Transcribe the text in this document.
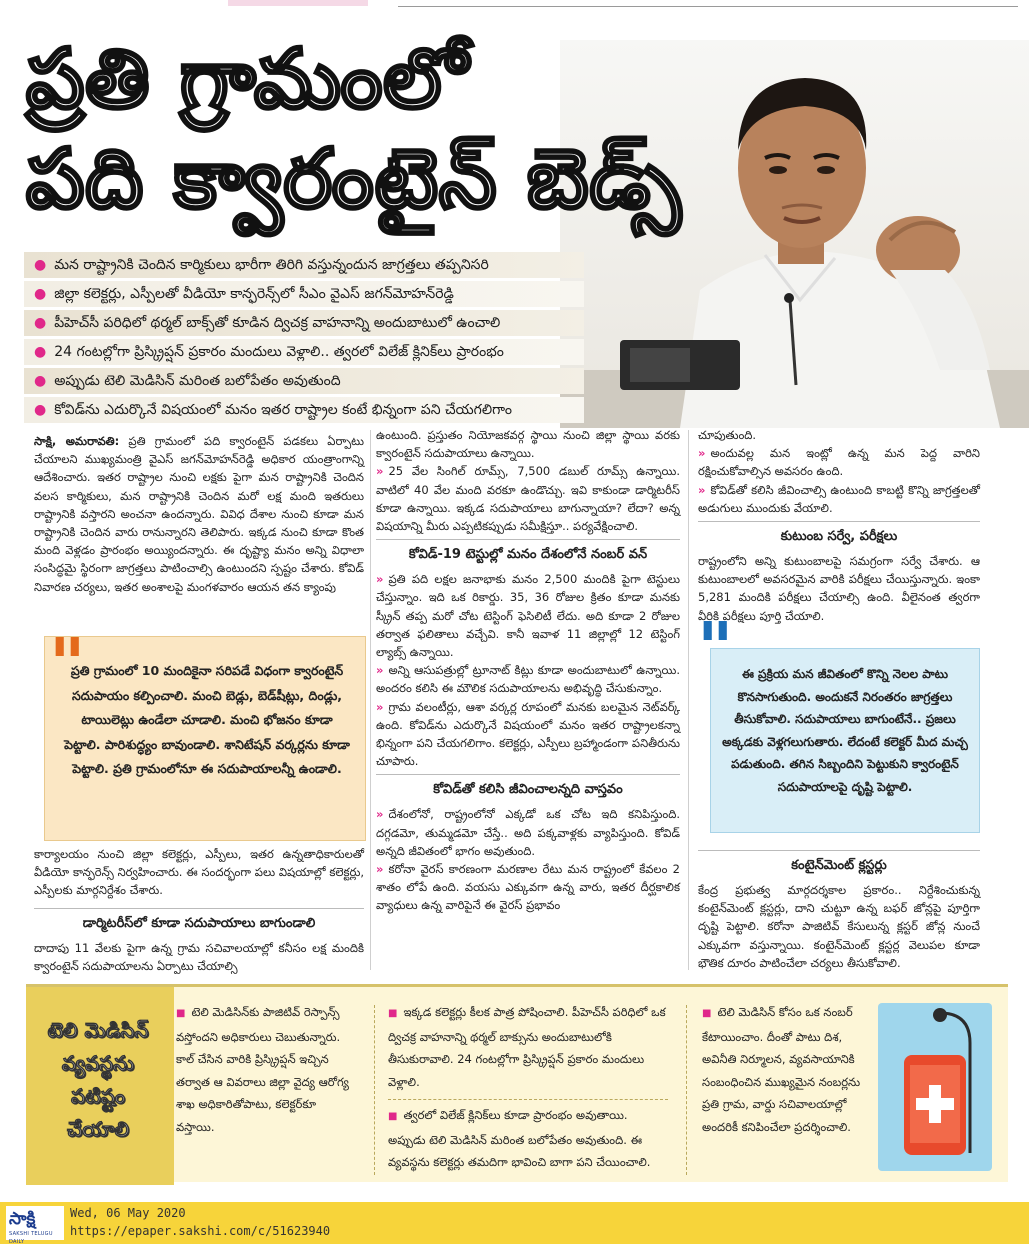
ప్రతి గ్రామంలో
పది క్వారంటైన్ బెడ్స్
● మన రాష్ట్రానికి చెందిన కార్మికులు భారీగా తిరిగి వస్తున్నందున జాగ్రత్తలు తప్పనిసరి
● జిల్లా కలెక్టర్లు, ఎస్పీలతో వీడియో కాన్ఫరెన్స్‌లో సీఎం వైఎస్ జగన్‌మోహన్‌రెడ్డి
● పీహెచ్‌సీ పరిధిలో థర్మల్ బాక్స్‌తో కూడిన ద్విచక్ర వాహనాన్ని అందుబాటులో ఉంచాలి
● 24 గంటల్లోగా ప్రిస్క్రిప్షన్ ప్రకారం మందులు వెళ్లాలి.. త్వరలో విలేజ్ క్లినిక్‌లు ప్రారంభం
● అప్పుడు టెలి మెడిసిన్ మరింత బలోపేతం అవుతుంది
● కోవిడ్‌ను ఎదుర్కొనే విషయంలో మనం ఇతర రాష్ట్రాల కంటే భిన్నంగా పని చేయగలిగాం

సాక్షి, అమరావతి: ప్రతి గ్రామంలో పది క్వారంటైన్ పడకలు ఏర్పాటు చేయాలని ముఖ్యమంత్రి వైఎస్ జగన్‌మోహన్‌రెడ్డి అధికార యంత్రాంగాన్ని ఆదేశించారు. ఇతర రాష్ట్రాల నుంచి లక్షకు పైగా మన రాష్ట్రానికి చెందిన వలస కార్మికులు, మన రాష్ట్రానికి చెందిన మరో లక్ష మంది ఇతరులు రాష్ట్రానికి వస్తారని అంచనా ఉందన్నారు. వివిధ దేశాల నుంచి కూడా మన రాష్ట్రానికి చెందిన వారు రానున్నారని తెలిపారు. ఇక్కడ నుంచి కూడా కొంత మంది వెళ్లడం ప్రారంభం అయ్యిందన్నారు. ఈ దృష్ట్యా మనం అన్ని విధాలా సంసిద్ధమై స్థిరంగా జాగ్రత్తలు పాటించాల్సి ఉంటుందని స్పష్టం చేశారు. కోవిడ్ నివారణ చర్యలు, ఇతర అంశాలపై మంగళవారం ఆయన తన క్యాంపు

"
ప్రతి గ్రామంలో 10 మందికైనా సరిపడే విధంగా క్వారంటైన్ సదుపాయం కల్పించాలి. మంచి బెడ్లు, బెడ్‌షీట్లు, దిండ్లు, టాయిలెట్లు ఉండేలా చూడాలి. మంచి భోజనం కూడా పెట్టాలి. పారిశుద్ధ్యం బావుండాలి. శానిటేషన్ వర్కర్లను కూడా పెట్టాలి. ప్రతి గ్రామంలోనూ ఈ సదుపాయాలన్నీ ఉండాలి.

కార్యాలయం నుంచి జిల్లా కలెక్టర్లు, ఎస్పీలు, ఇతర ఉన్నతాధికారులతో వీడియో కాన్ఫరెన్స్ నిర్వహించారు. ఈ సందర్భంగా పలు విషయాల్లో కలెక్టర్లు, ఎస్పీలకు మార్గనిర్దేశం చేశారు.

డార్మిటరీస్‌లో కూడా సదుపాయాలు బాగుండాలి

దాదాపు 11 వేలకు పైగా ఉన్న గ్రామ సచివాలయాల్లో కనీసం లక్ష మందికి క్వారంటైన్ సదుపాయాలను ఏర్పాటు చేయాల్సి

ఉంటుంది. ప్రస్తుతం నియోజకవర్గ స్థాయి నుంచి జిల్లా స్థాయి వరకు క్వారంటైన్ సదుపాయాలు ఉన్నాయి.

» 25 వేల సింగిల్ రూమ్స్, 7,500 డబుల్ రూమ్స్ ఉన్నాయి. వాటిలో 40 వేల మంది వరకూ ఉండొచ్చు. ఇవి కాకుండా డార్మిటరీస్ కూడా ఉన్నాయి. ఇక్కడ సదుపాయాలు బాగున్నాయా? లేదా? అన్న విషయాన్ని మీరు ఎప్పటికప్పుడు సమీక్షిస్తూ.. పర్యవేక్షించాలి.

కోవిడ్-19 టెస్టుల్లో మనం దేశంలోనే నంబర్ వన్

» ప్రతి పది లక్షల జనాభాకు మనం 2,500 మందికి పైగా టెస్టులు చేస్తున్నాం. ఇది ఒక రికార్డు. 35, 36 రోజుల క్రితం కూడా మనకు స్క్రీన్ తప్ప మరో చోట టెస్టింగ్ ఫెసిలిటీ లేదు. అది కూడా 2 రోజుల తర్వాత ఫలితాలు వచ్చేవి. కానీ ఇవాళ 11 జిల్లాల్లో 12 టెస్టింగ్ ల్యాబ్స్ ఉన్నాయి.

» అన్ని ఆసుపత్రుల్లో ట్రూనాట్ కిట్లు కూడా అందుబాటులో ఉన్నాయి. అందరం కలిసి ఈ మౌలిక సదుపాయాలను అభివృద్ధి చేసుకున్నాం.

» గ్రామ వలంటీర్లు, ఆశా వర్కర్ల రూపంలో మనకు బలమైన నెట్‌వర్క్ ఉంది. కోవిడ్‌ను ఎదుర్కొనే విషయంలో మనం ఇతర రాష్ట్రాలకన్నా భిన్నంగా పని చేయగలిగాం. కలెక్టర్లు, ఎస్పీలు బ్రహ్మాండంగా పనితీరును చూపారు.

కోవిడ్‌తో కలిసి జీవించాలన్నది వాస్తవం

» దేశంలోనో, రాష్ట్రంలోనో ఎక్కడో ఒక చోట ఇది కనిపిస్తుంది. దగ్గడమో, తుమ్మడమో చేస్తే.. అది పక్కవాళ్లకు వ్యాపిస్తుంది. కోవిడ్ అన్నది జీవితంలో భాగం అవుతుంది.

» కరోనా వైరస్ కారణంగా మరణాల రేటు మన రాష్ట్రంలో కేవలం 2 శాతం లోపే ఉంది. వయసు ఎక్కువగా ఉన్న వారు, ఇతర దీర్ఘకాలిక వ్యాధులు ఉన్న వారిపైనే ఈ వైరస్ ప్రభావం

చూపుతుంది.

» అందువల్ల మన ఇంట్లో ఉన్న మన పెద్ద వారిని రక్షించుకోవాల్సిన అవసరం ఉంది.

» కోవిడ్‌తో కలిసి జీవించాల్సి ఉంటుంది కాబట్టి కొన్ని జాగ్రత్తలతో అడుగులు ముందుకు వేయాలి.

కుటుంబ సర్వే, పరీక్షలు

రాష్ట్రంలోని అన్ని కుటుంబాలపై సమగ్రంగా సర్వే చేశారు. ఆ కుటుంబాలలో అవసరమైన వారికి పరీక్షలు చేయిస్తున్నారు. ఇంకా 5,281 మందికి పరీక్షలు చేయాల్సి ఉంది. వీలైనంత త్వరగా వీరికి పరీక్షలు పూర్తి చేయాలి.

" ఈ ప్రక్రియ మన జీవితంలో కొన్ని నెలల పాటు కొనసాగుతుంది. అందుకనే నిరంతరం జాగ్రత్తలు తీసుకోవాలి. సదుపాయాలు బాగుంటేనే.. ప్రజలు అక్కడకు వెళ్లగలుగుతారు. లేదంటే కలెక్టర్ మీద మచ్చ పడుతుంది. తగిన సిబ్బందిని పెట్టుకుని క్వారంటైన్ సదుపాయాలపై దృష్టి పెట్టాలి.
కంటైన్‌మెంట్ క్లస్టర్లు

కేంద్ర ప్రభుత్వ మార్గదర్శకాల ప్రకారం.. నిర్దేశించుకున్న కంటైన్‌మెంట్ క్లస్టర్లు, దాని చుట్టూ ఉన్న బఫర్ జోన్లపై పూర్తిగా దృష్టి పెట్టాలి. కరోనా పాజిటివ్ కేసులున్న క్లస్టర్ జోన్ల నుంచే ఎక్కువగా వస్తున్నాయి. కంటైన్‌మెంట్ క్లస్టర్ల వెలుపల కూడా భౌతిక దూరం పాటించేలా చర్యలు తీసుకోవాలి.

టెలి మెడిసిన్
వ్యవస్థను
పటిష్టం
చేయాలి
■ టెలి మెడిసిన్‌కు పాజిటివ్ రెస్పాన్స్ వస్తోందని అధికారులు చెబుతున్నారు. కాల్ చేసిన వారికి ప్రిస్క్రిప్షన్ ఇచ్చిన తర్వాత ఆ వివరాలు జిల్లా వైద్య ఆరోగ్య శాఖ అధికారితోపాటు, కలెక్టర్‌కూ వస్తాయి.

■ ఇక్కడ కలెక్టర్లు కీలక పాత్ర పోషించాలి. పీహెచ్‌సీ పరిధిలో ఒక ద్విచక్ర వాహనాన్ని థర్మల్ బాక్సును అందుబాటులోకి తీసుకురావాలి. 24 గంటల్లోగా ప్రిస్క్రిప్షన్ ప్రకారం మందులు వెళ్లాలి.

■ త్వరలో విలేజ్ క్లినిక్‌లు కూడా ప్రారంభం అవుతాయి. అప్పుడు టెలి మెడిసిన్ మరింత బలోపేతం అవుతుంది. ఈ వ్యవస్థను కలెక్టర్లు తమదిగా భావించి బాగా పని చేయించాలి.

■ టెలి మెడిసిన్ కోసం ఒక నంబర్ కేటాయించాం. దీంతో పాటు దిశ, అవినీతి నిర్మూలన, వ్యవసాయానికి సంబంధించిన ముఖ్యమైన నంబర్లను ప్రతి గ్రామ, వార్డు సచివాలయాల్లో అందరికీ కనిపించేలా ప్రదర్శించాలి.
సాక్షి
SAKSHI TELUGU DAILY
Wed, 06 May 2020
https://epaper.sakshi.com/c/51623940
